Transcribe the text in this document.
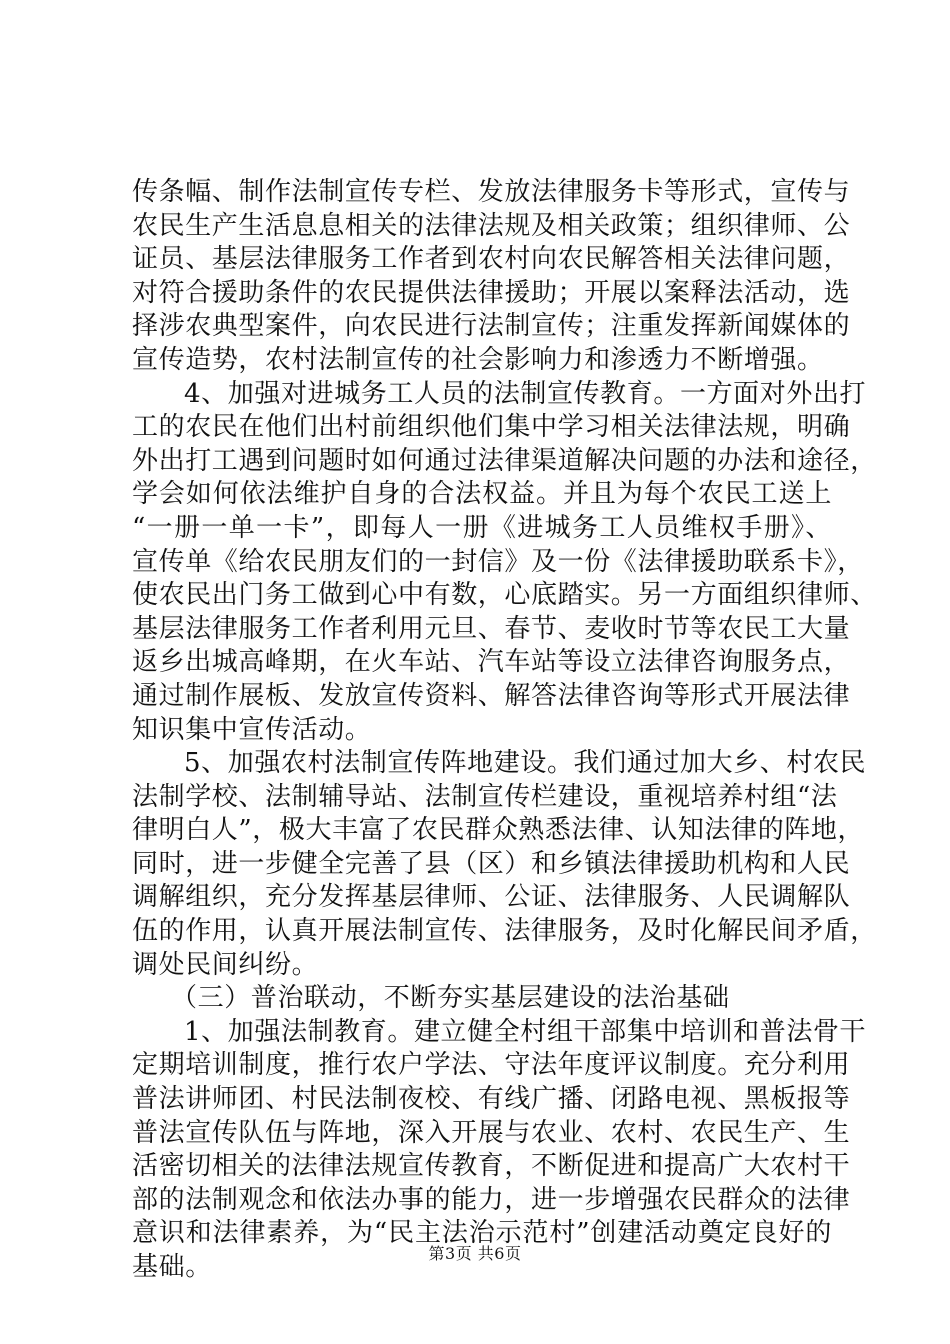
传条幅、制作法制宣传专栏、发放法律服务卡等形式，宣传与
农民生产生活息息相关的法律法规及相关政策；组织律师、公
证员、基层法律服务工作者到农村向农民解答相关法律问题，
对符合援助条件的农民提供法律援助；开展以案释法活动，选
择涉农典型案件，向农民进行法制宣传；注重发挥新闻媒体的
宣传造势，农村法制宣传的社会影响力和渗透力不断增强。
4、加强对进城务工人员的法制宣传教育。一方面对外出打
工的农民在他们出村前组织他们集中学习相关法律法规，明确
外出打工遇到问题时如何通过法律渠道解决问题的办法和途径，
学会如何依法维护自身的合法权益。并且为每个农民工送上
“一册一单一卡”，即每人一册《进城务工人员维权手册》、
宣传单《给农民朋友们的一封信》及一份《法律援助联系卡》，
使农民出门务工做到心中有数，心底踏实。另一方面组织律师、
基层法律服务工作者利用元旦、春节、麦收时节等农民工大量
返乡出城高峰期，在火车站、汽车站等设立法律咨询服务点，
通过制作展板、发放宣传资料、解答法律咨询等形式开展法律
知识集中宣传活动。
5、加强农村法制宣传阵地建设。我们通过加大乡、村农民
法制学校、法制辅导站、法制宣传栏建设，重视培养村组“法
律明白人”，极大丰富了农民群众熟悉法律、认知法律的阵地，
同时，进一步健全完善了县（区）和乡镇法律援助机构和人民
调解组织，充分发挥基层律师、公证、法律服务、人民调解队
伍的作用，认真开展法制宣传、法律服务，及时化解民间矛盾，
调处民间纠纷。
（三）普治联动，不断夯实基层建设的法治基础
1、加强法制教育。建立健全村组干部集中培训和普法骨干
定期培训制度，推行农户学法、守法年度评议制度。充分利用
普法讲师团、村民法制夜校、有线广播、闭路电视、黑板报等
普法宣传队伍与阵地，深入开展与农业、农村、农民生产、生
活密切相关的法律法规宣传教育，不断促进和提高广大农村干
部的法制观念和依法办事的能力，进一步增强农民群众的法律
意识和法律素养，为“民主法治示范村”创建活动奠定良好的
基础。	第3页 共6页
